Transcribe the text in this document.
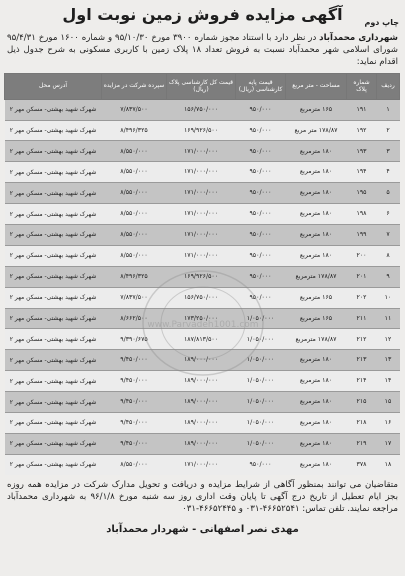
چاپ دوم
آگهی مزایده فروش زمین نوبت اول
شهرداری محمدآباد در نظر دارد با استناد مجوز شماره ۳۹۰۰ مورخ ۹۵/۱۰/۳۰ و شماره ۱۶۰۰ مورخ ۹۵/۴/۳۱ شورای اسلامی شهر محمدآباد نسبت به فروش تعداد ۱۸ پلاک زمین با کاربری مسکونی به شرح جدول ذیل اقدام نماید:
ردیف	شماره پلاک	مساحت - متر مربع	قیمت پایه کارشناسی (ریال)	قیمت کل کارشناسی پلاک (ریال)	سپرده شرکت در مزایده	آدرس محل
۱	۱۹۱	۱۶۵ مترمربع	۹۵۰/۰۰۰	۱۵۶/۷۵۰/۰۰۰	۷/۸۳۷/۵۰۰	شهرک شهید بهشتی- مسکن مهر ۲
۲	۱۹۲	۱۷۸/۸۷ متر مربع	۹۵۰/۰۰۰	۱۶۹/۹۲۶/۵۰۰	۸/۴۹۶/۳۲۵	شهرک شهید بهشتی- مسکن مهر ۲
۳	۱۹۳	۱۸۰ مترمربع	۹۵۰/۰۰۰	۱۷۱/۰۰۰/۰۰۰	۸/۵۵۰/۰۰۰	شهرک شهید بهشتی- مسکن مهر ۲
۴	۱۹۴	۱۸۰ مترمربع	۹۵۰/۰۰۰	۱۷۱/۰۰۰/۰۰۰	۸/۵۵۰/۰۰۰	شهرک شهید بهشتی- مسکن مهر ۲
۵	۱۹۵	۱۸۰ مترمربع	۹۵۰/۰۰۰	۱۷۱/۰۰۰/۰۰۰	۸/۵۵۰/۰۰۰	شهرک شهید بهشتی- مسکن مهر ۲
۶	۱۹۸	۱۸۰ مترمربع	۹۵۰/۰۰۰	۱۷۱/۰۰۰/۰۰۰	۸/۵۵۰/۰۰۰	شهرک شهید بهشتی- مسکن مهر ۲
۷	۱۹۹	۱۸۰ مترمربع	۹۵۰/۰۰۰	۱۷۱/۰۰۰/۰۰۰	۸/۵۵۰/۰۰۰	شهرک شهید بهشتی- مسکن مهر ۲
۸	۲۰۰	۱۸۰ مترمربع	۹۵۰/۰۰۰	۱۷۱/۰۰۰/۰۰۰	۸/۵۵۰/۰۰۰	شهرک شهید بهشتی- مسکن مهر ۲
۹	۲۰۱	۱۷۸/۸۷ مترمربع	۹۵۰/۰۰۰	۱۶۹/۹۲۶/۵۰۰	۸/۴۹۶/۳۲۵	شهرک شهید بهشتی- مسکن مهر ۲
۱۰	۲۰۲	۱۶۵ مترمربع	۹۵۰/۰۰۰	۱۵۶/۷۵۰/۰۰۰	۷/۸۳۷/۵۰۰	شهرک شهید بهشتی- مسکن مهر ۲
۱۱	۲۱۱	۱۶۵ مترمربع	۱/۰۵۰/۰۰۰	۱۷۳/۲۵۰/۰۰۰	۸/۶۶۲/۵۰۰	شهرک شهید بهشتی- مسکن مهر ۲
۱۲	۲۱۲	۱۷۸/۸۷ مترمربع	۱/۰۵۰/۰۰۰	۱۸۷/۸۱۳/۵۰۰	۹/۳۹۰/۶۷۵	شهرک شهید بهشتی- مسکن مهر ۲
۱۳	۲۱۳	۱۸۰ مترمربع	۱/۰۵۰/۰۰۰	۱۸۹/۰۰۰/۰۰۰	۹/۴۵۰/۰۰۰	شهرک شهید بهشتی- مسکن مهر ۲
۱۴	۲۱۴	۱۸۰ مترمربع	۱/۰۵۰/۰۰۰	۱۸۹/۰۰۰/۰۰۰	۹/۴۵۰/۰۰۰	شهرک شهید بهشتی- مسکن مهر ۲
۱۵	۲۱۵	۱۸۰ مترمربع	۱/۰۵۰/۰۰۰	۱۸۹/۰۰۰/۰۰۰	۹/۴۵۰/۰۰۰	شهرک شهید بهشتی- مسکن مهر ۲
۱۶	۲۱۸	۱۸۰ مترمربع	۱/۰۵۰/۰۰۰	۱۸۹/۰۰۰/۰۰۰	۹/۴۵۰/۰۰۰	شهرک شهید بهشتی- مسکن مهر ۲
۱۷	۲۱۹	۱۸۰ مترمربع	۱/۰۵۰/۰۰۰	۱۸۹/۰۰۰/۰۰۰	۹/۴۵۰/۰۰۰	شهرک شهید بهشتی- مسکن مهر ۲
۱۸	۳۷۸	۱۸۰ مترمربع	۹۵۰/۰۰۰	۱۷۱/۰۰۰/۰۰۰	۸/۵۵۰/۰۰۰	شهرک شهید بهشتی- مسکن مهر ۲
متقاضیان می توانند بمنظور آگاهی از شرایط مزایده و دریافت و تحویل مدارک شرکت در مزایده همه روزه بجز ایام تعطیل از تاریخ درج آگهی تا پایان وقت اداری روز سه شنبه مورخ ۹۶/۱/۸ به شهرداری محمدآباد مراجعه نمایند. تلفن تماس: ۴۶۶۵۲۵۴۱-۰۳۱ و ۴۶۶۵۲۴۴۵-۰۳۱
مهدی نصر اصفهانی - شهردار محمدآباد
www.Parvadeh1001.com
